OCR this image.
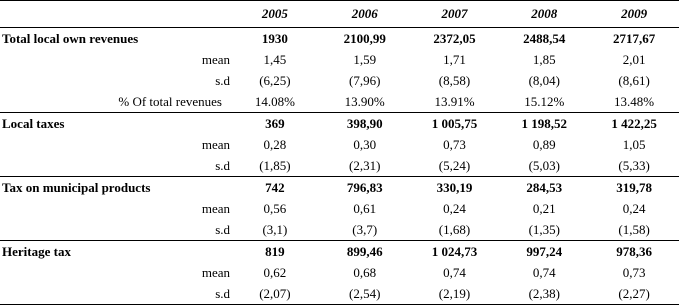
	2005	2006	2007	2008	2009
Total local own revenues	1930	2100,99	2372,05	2488,54	2717,67
mean	1,45	1,59	1,71	1,85	2,01
s.d	(6,25)	(7,96)	(8,58)	(8,04)	(8,61)
% Of total revenues	14.08%	13.90%	13.91%	15.12%	13.48%
Local taxes	369	398,90	1 005,75	1 198,52	1 422,25
mean	0,28	0,30	0,73	0,89	1,05
s.d	(1,85)	(2,31)	(5,24)	(5,03)	(5,33)
Tax on municipal products	742	796,83	330,19	284,53	319,78
mean	0,56	0,61	0,24	0,21	0,24
s.d	(3,1)	(3,7)	(1,68)	(1,35)	(1,58)
Heritage tax	819	899,46	1 024,73	997,24	978,36
mean	0,62	0,68	0,74	0,74	0,73
s.d	(2,07)	(2,54)	(2,19)	(2,38)	(2,27)
